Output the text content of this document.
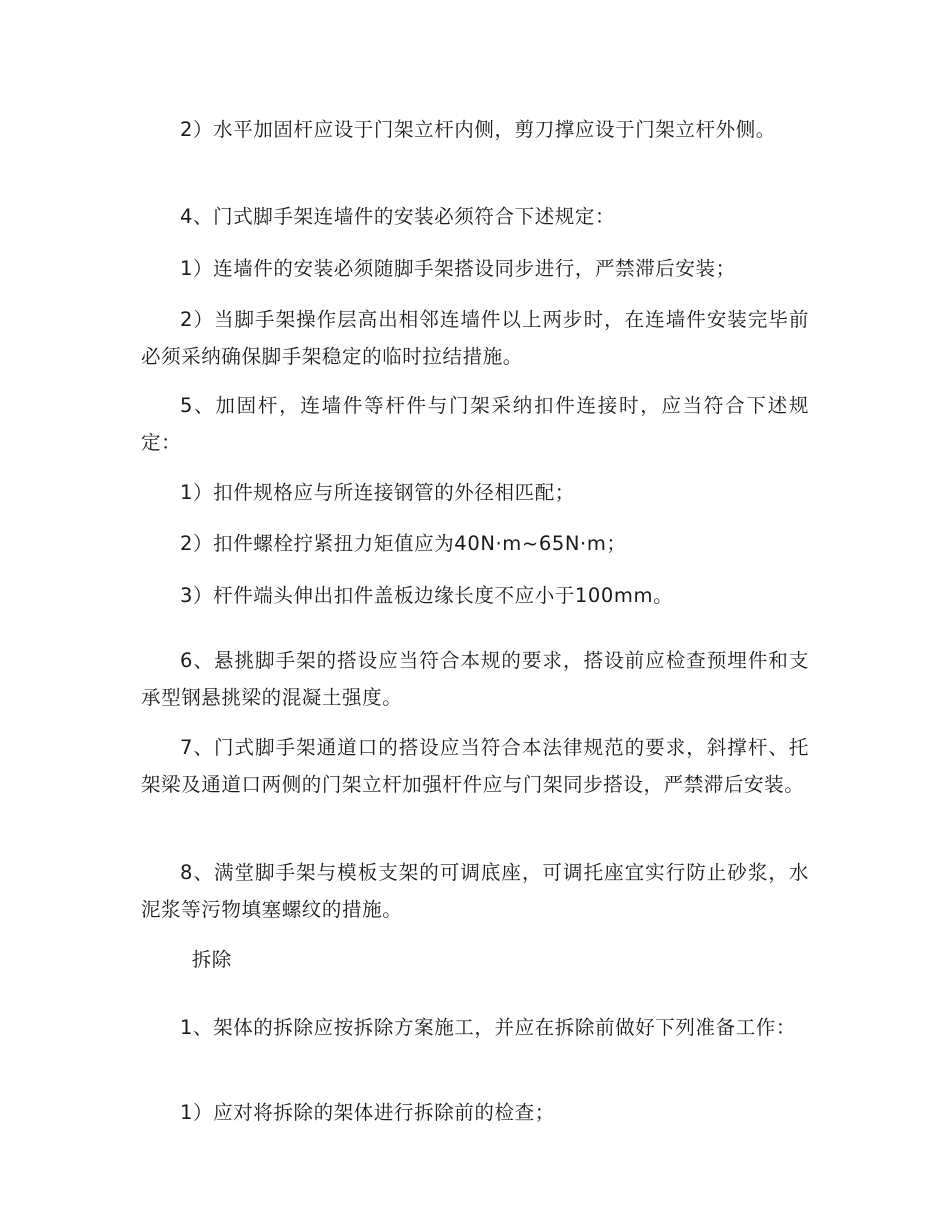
2）水平加固杆应设于门架立杆内侧，剪刀撑应设于门架立杆外侧。

4、门式脚手架连墙件的安装必须符合下述规定：

1）连墙件的安装必须随脚手架搭设同步进行，严禁滞后安装；

2）当脚手架操作层高出相邻连墙件以上两步时，在连墙件安装完毕前必须采纳确保脚手架稳定的临时拉结措施。

5、加固杆，连墙件等杆件与门架采纳扣件连接时，应当符合下述规定：

1）扣件规格应与所连接钢管的外径相匹配；

2）扣件螺栓拧紧扭力矩值应为40N·m~65N·m；

3）杆件端头伸出扣件盖板边缘长度不应小于100mm。

6、悬挑脚手架的搭设应当符合本规的要求，搭设前应检查预埋件和支承型钢悬挑梁的混凝土强度。

7、门式脚手架通道口的搭设应当符合本法律规范的要求，斜撑杆、托架梁及通道口两侧的门架立杆加强杆件应与门架同步搭设，严禁滞后安装。

8、满堂脚手架与模板支架的可调底座，可调托座宜实行防止砂浆，水泥浆等污物填塞螺纹的措施。

拆除

1、架体的拆除应按拆除方案施工，并应在拆除前做好下列准备工作：

1）应对将拆除的架体进行拆除前的检查；
